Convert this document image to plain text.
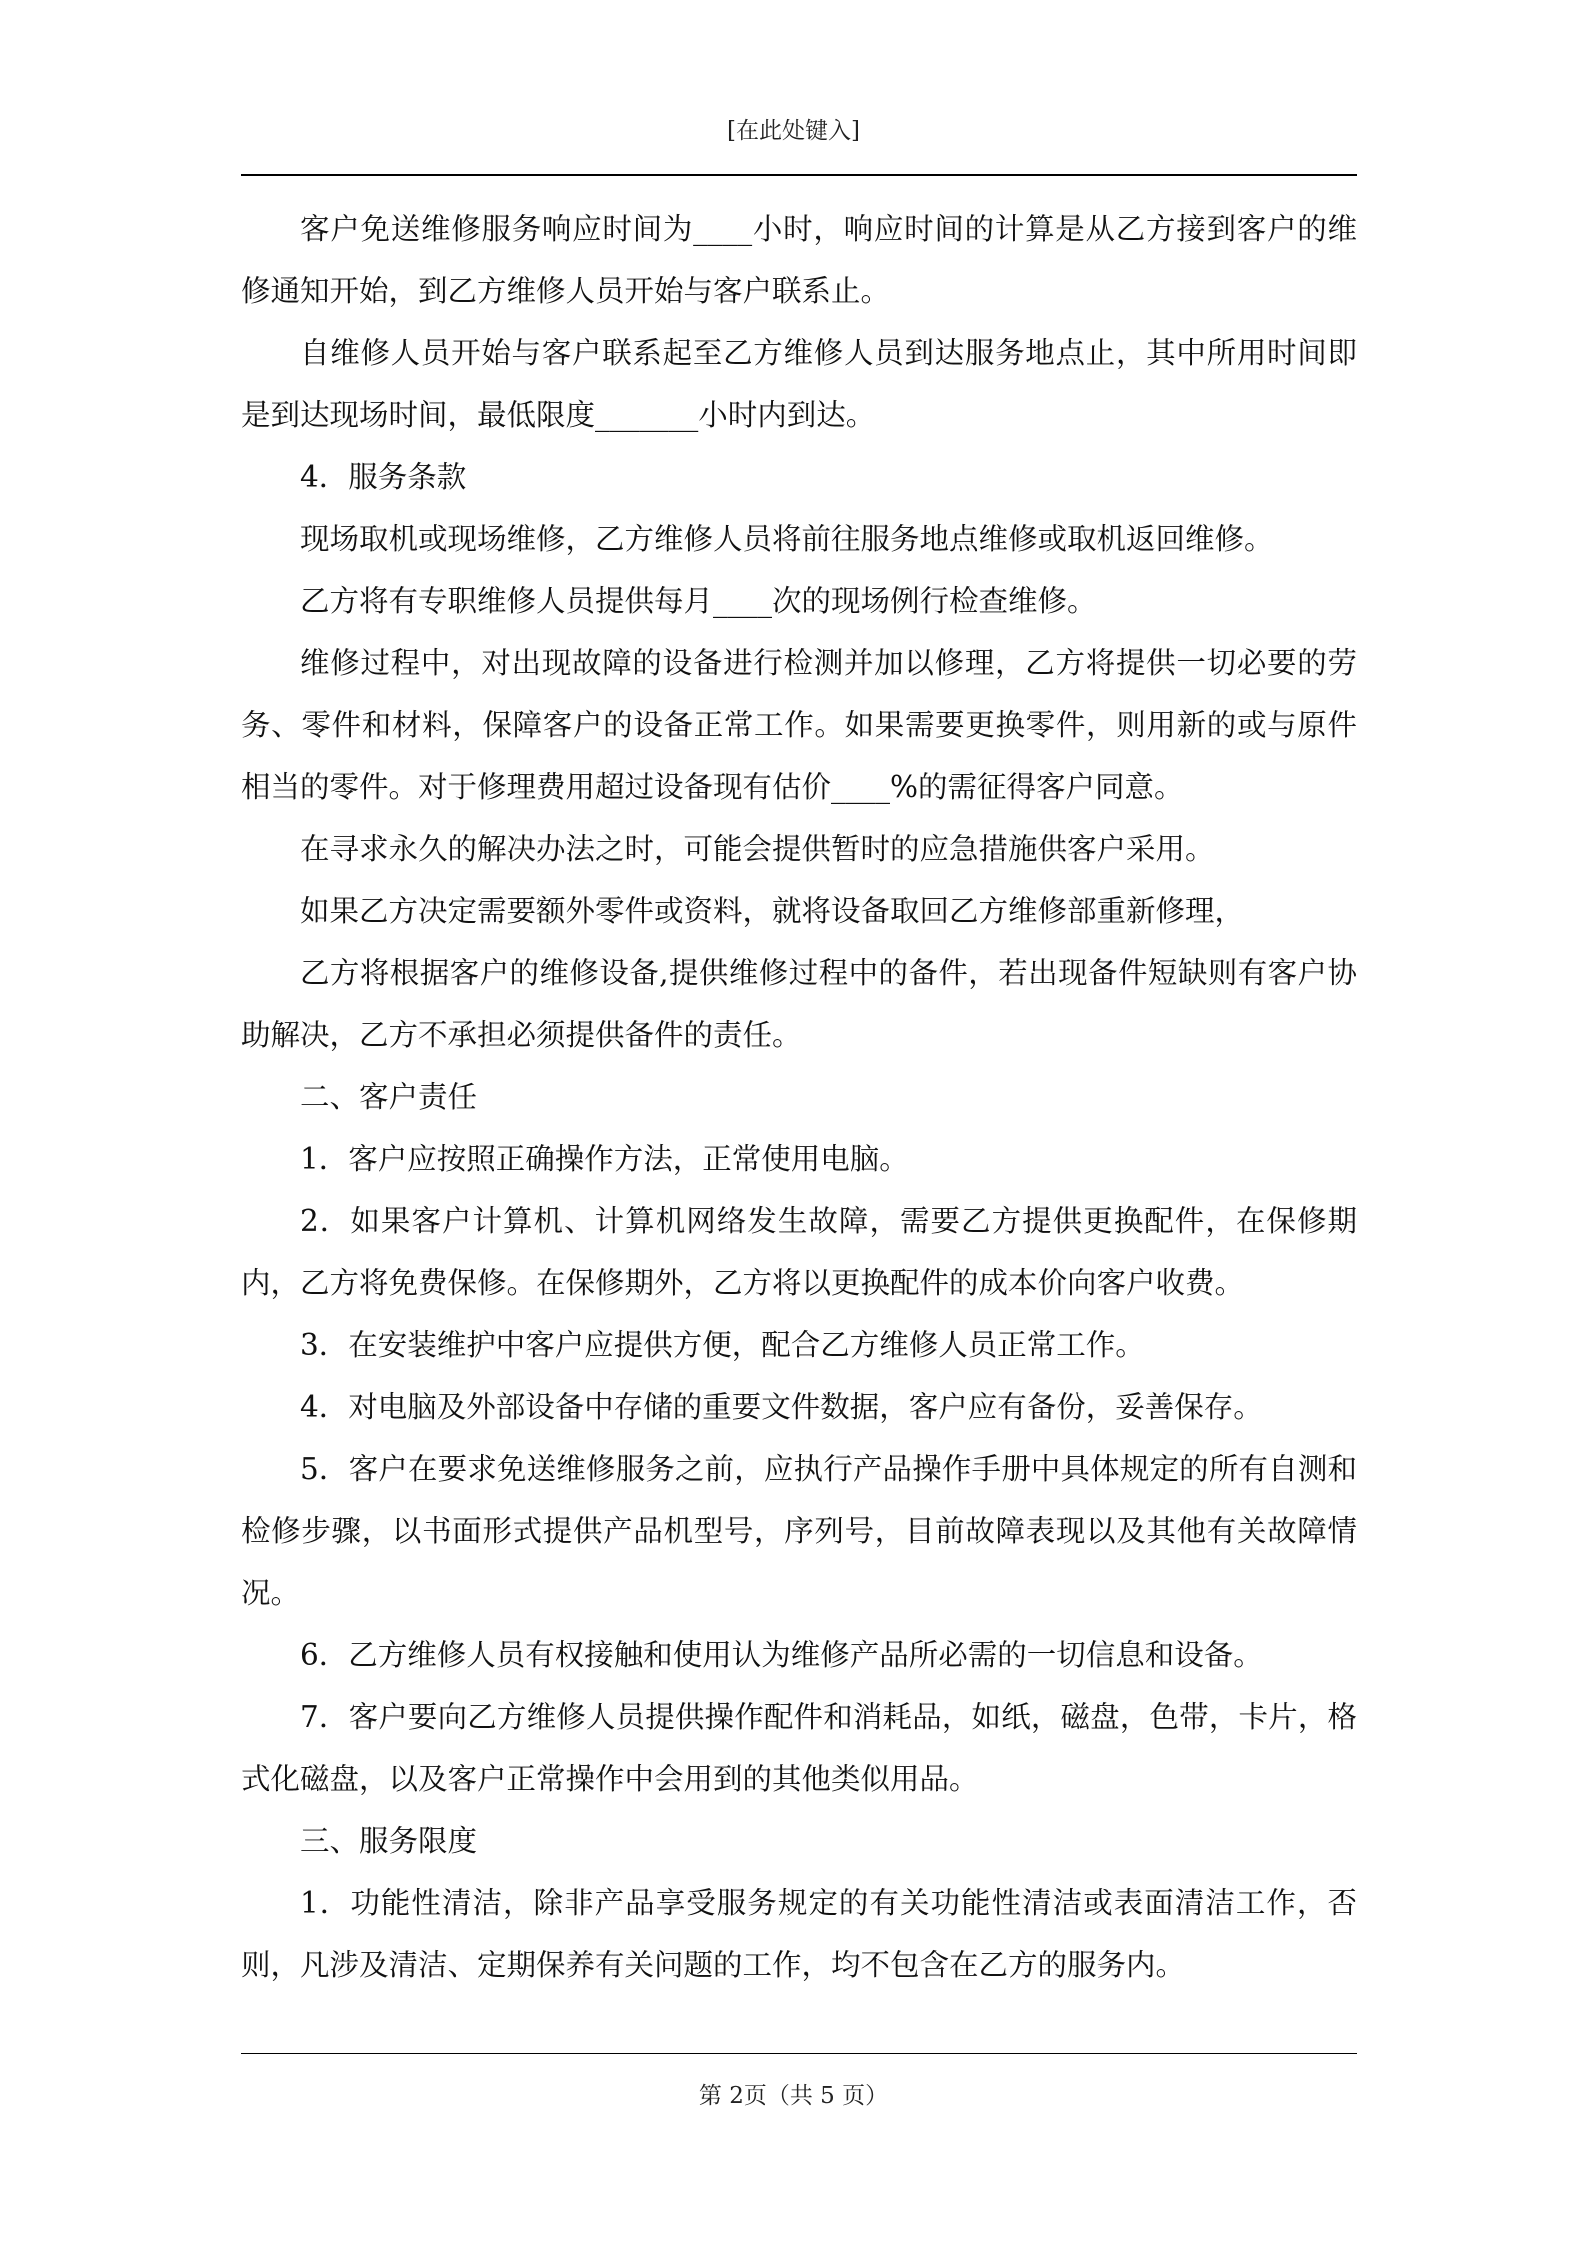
[在此处键入]

客户免送维修服务响应时间为____小时，响应时间的计算是从乙方接到客户的维修通知开始，到乙方维修人员开始与客户联系止。

自维修人员开始与客户联系起至乙方维修人员到达服务地点止，其中所用时间即是到达现场时间，最低限度_______小时内到达。

4．服务条款

现场取机或现场维修，乙方维修人员将前往服务地点维修或取机返回维修。

乙方将有专职维修人员提供每月____次的现场例行检查维修。

维修过程中，对出现故障的设备进行检测并加以修理，乙方将提供一切必要的劳务、零件和材料，保障客户的设备正常工作。如果需要更换零件，则用新的或与原件相当的零件。对于修理费用超过设备现有估价____%的需征得客户同意。

在寻求永久的解决办法之时，可能会提供暂时的应急措施供客户采用。

如果乙方决定需要额外零件或资料，就将设备取回乙方维修部重新修理，

乙方将根据客户的维修设备,提供维修过程中的备件，若出现备件短缺则有客户协助解决，乙方不承担必须提供备件的责任。

二、客户责任

1．客户应按照正确操作方法，正常使用电脑。

2．如果客户计算机、计算机网络发生故障，需要乙方提供更换配件，在保修期内，乙方将免费保修。在保修期外，乙方将以更换配件的成本价向客户收费。

3．在安装维护中客户应提供方便，配合乙方维修人员正常工作。

4．对电脑及外部设备中存储的重要文件数据，客户应有备份，妥善保存。

5．客户在要求免送维修服务之前，应执行产品操作手册中具体规定的所有自测和检修步骤，以书面形式提供产品机型号，序列号，目前故障表现以及其他有关故障情况。

6．乙方维修人员有权接触和使用认为维修产品所必需的一切信息和设备。

7．客户要向乙方维修人员提供操作配件和消耗品，如纸，磁盘，色带，卡片，格式化磁盘，以及客户正常操作中会用到的其他类似用品。

三、服务限度

1．功能性清洁，除非产品享受服务规定的有关功能性清洁或表面清洁工作，否则，凡涉及清洁、定期保养有关问题的工作，均不包含在乙方的服务内。

第 2页（共 5 页）
